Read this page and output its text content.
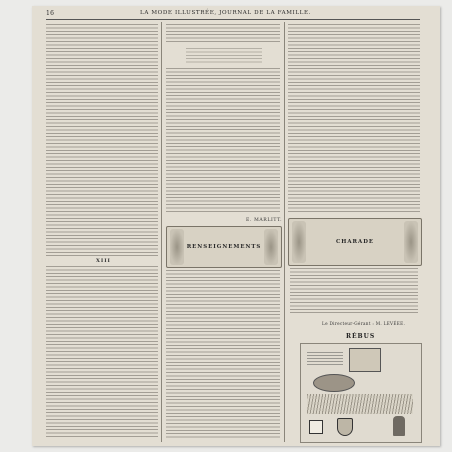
16	LA MODE ILLUSTRÉE, JOURNAL DE LA FAMILLE.
XIII
E. MARLITT.
RENSEIGNEMENTS
CHARADE
Le Directeur-Gérant : M. LEVÉEE.
RÉBUS
